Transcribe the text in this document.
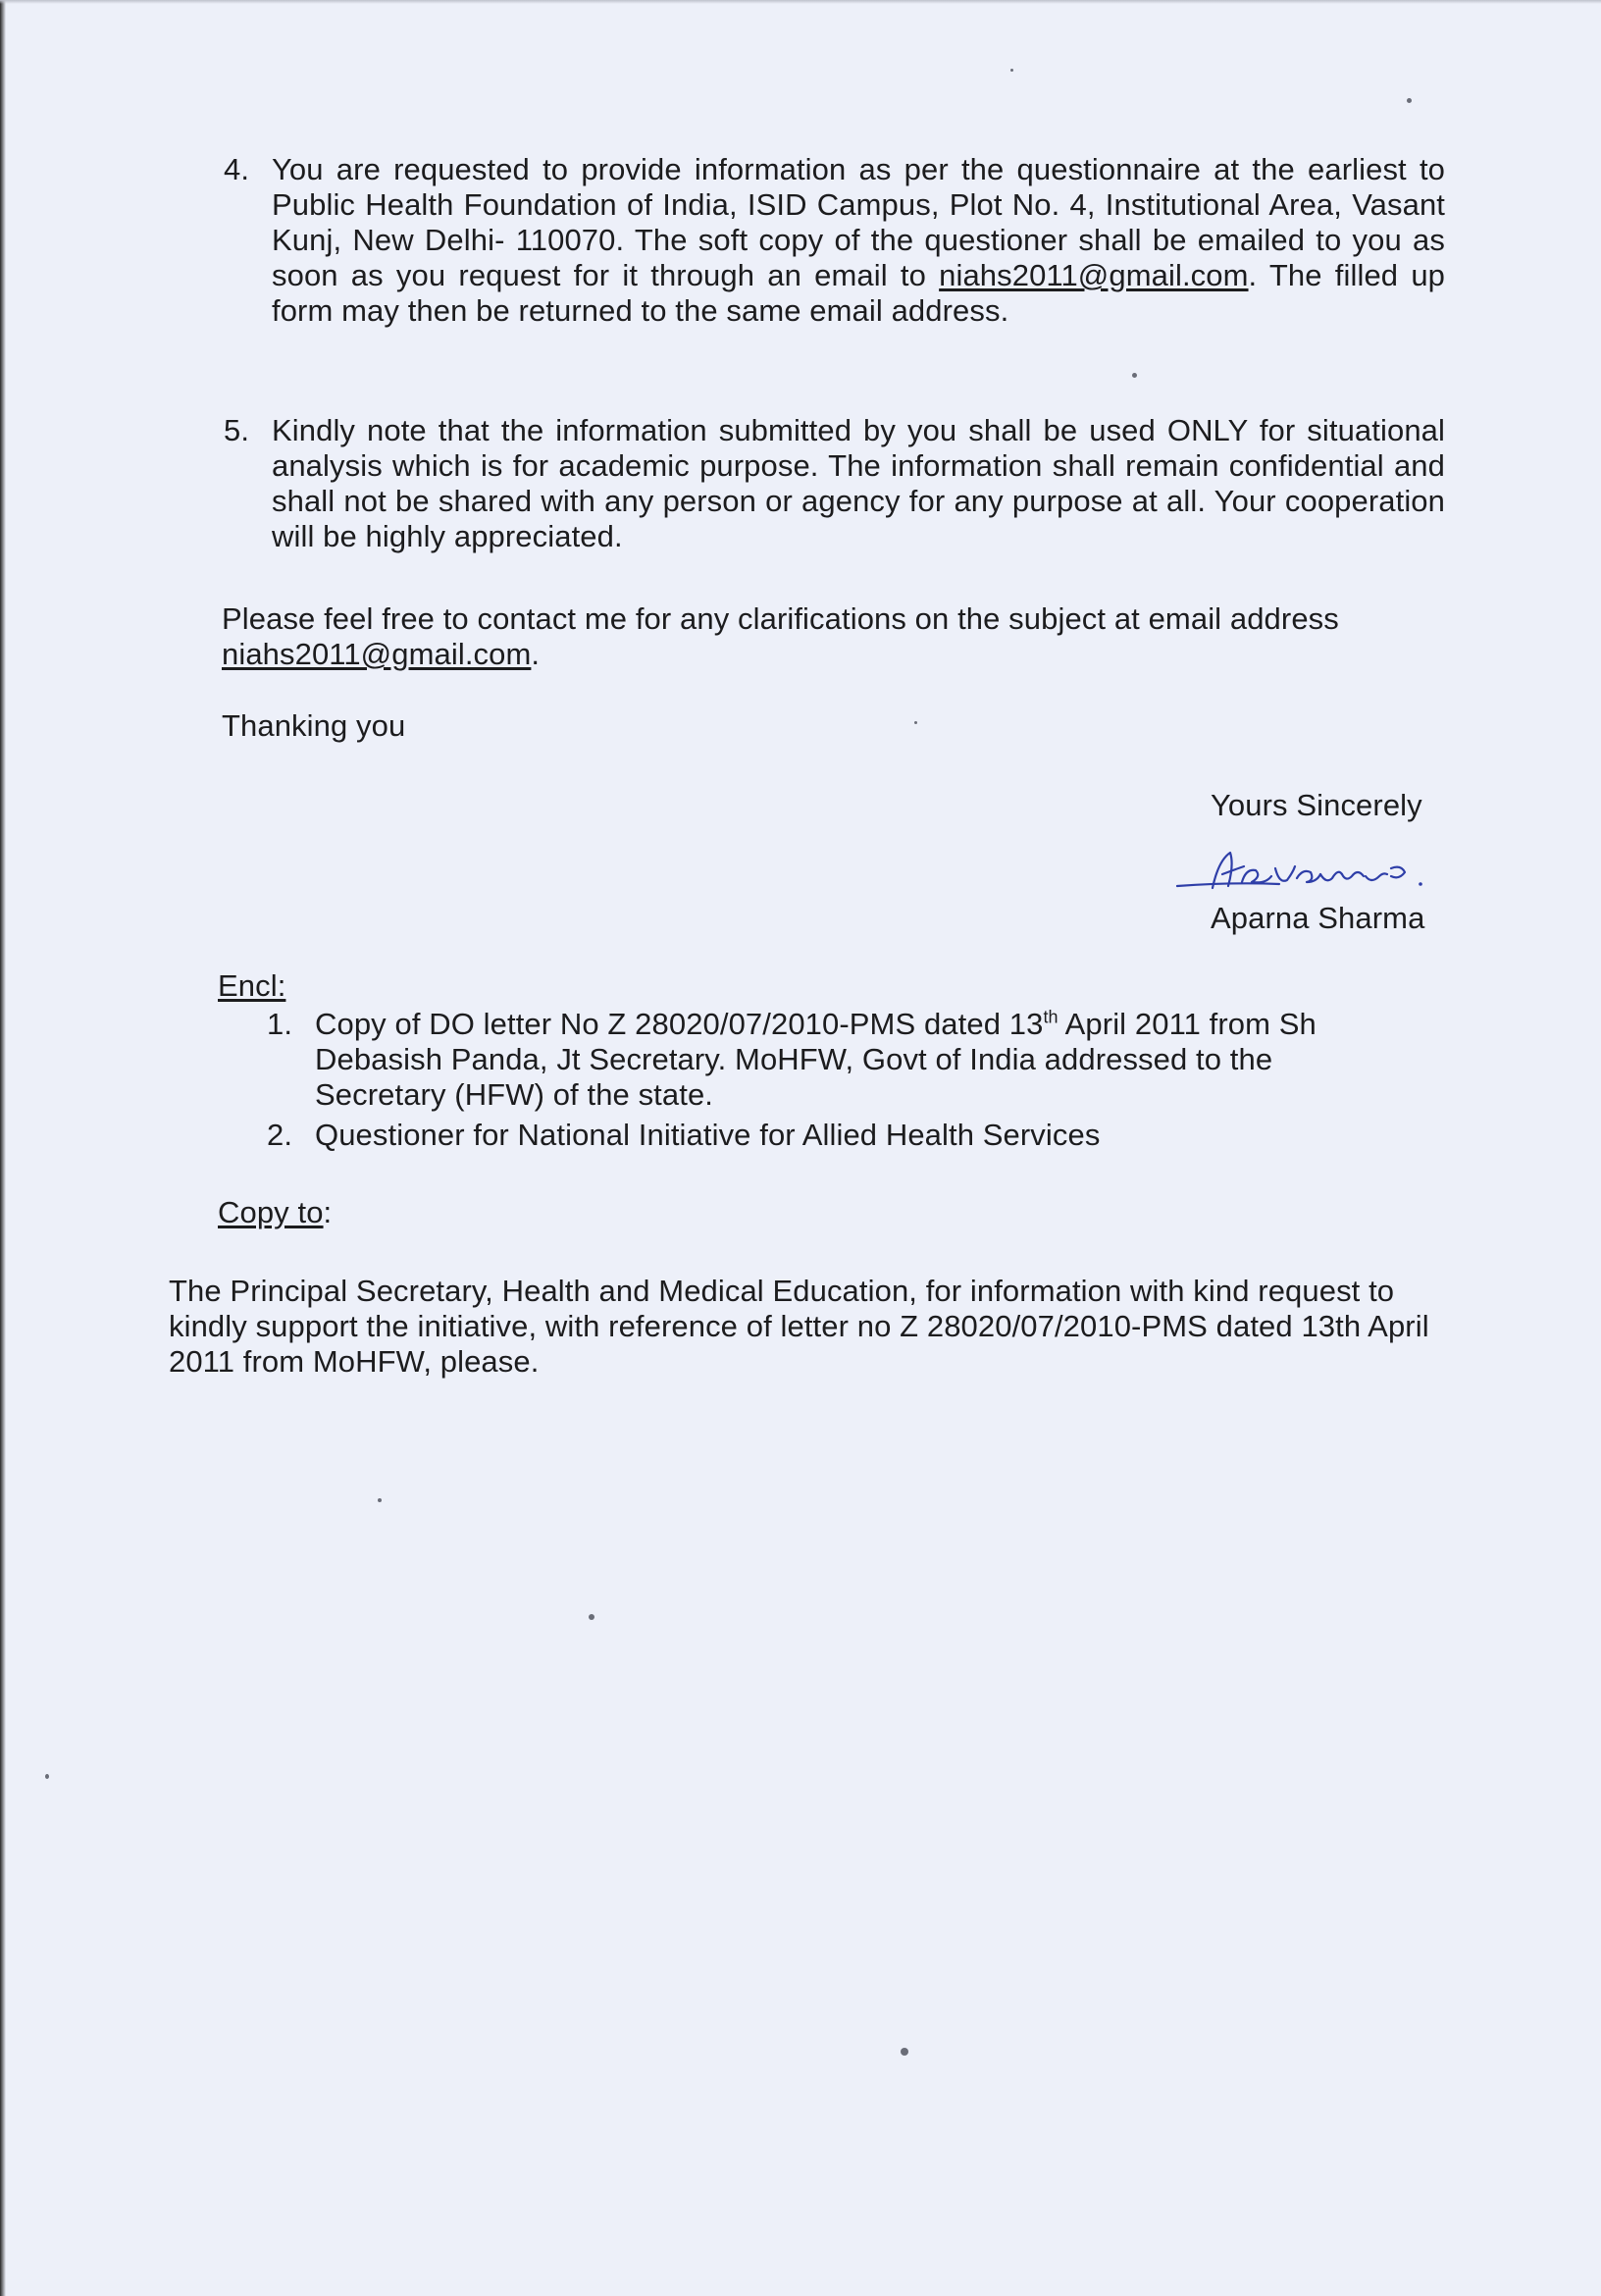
4. You are requested to provide information as per the questionnaire at the earliest to Public Health Foundation of India, ISID Campus, Plot No. 4, Institutional Area, Vasant Kunj, New Delhi- 110070. The soft copy of the questioner shall be emailed to you as soon as you request for it through an email to niahs2011@gmail.com. The filled up form may then be returned to the same email address.
5. Kindly note that the information submitted by you shall be used ONLY for situational analysis which is for academic purpose. The information shall remain confidential and shall not be shared with any person or agency for any purpose at all. Your cooperation will be highly appreciated.
Please feel free to contact me for any clarifications on the subject at email address
niahs2011@gmail.com.
Thanking you
Yours Sincerely
Aparna Sharma
Encl:
1. Copy of DO letter No Z 28020/07/2010-PMS dated 13th April 2011 from Sh Debasish Panda, Jt Secretary. MoHFW, Govt of India addressed to the Secretary (HFW) of the state.
2. Questioner for National Initiative for Allied Health Services
Copy to:
The Principal Secretary, Health and Medical Education, for information with kind request to kindly support the initiative, with reference of letter no Z 28020/07/2010-PMS dated 13th April 2011 from MoHFW, please.
